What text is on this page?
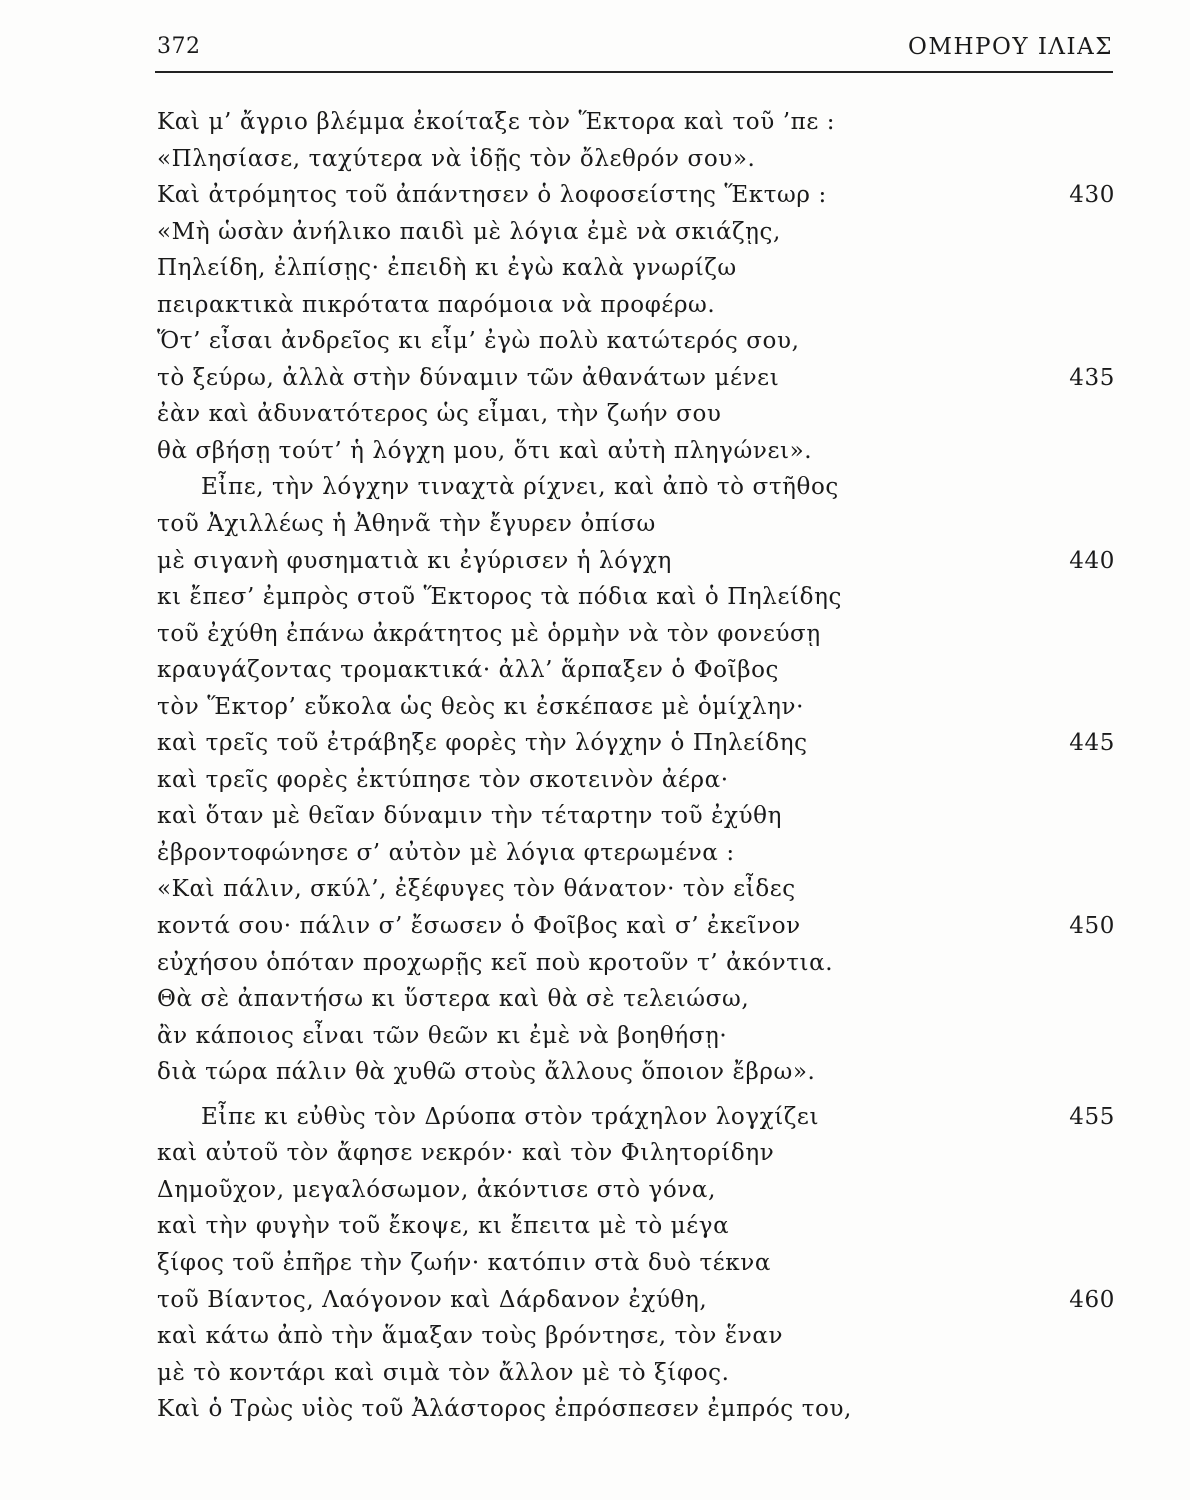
372	ΟΜΗΡΟΥ ΙΛΙΑΣ
Καὶ μ’ ἄγριο βλέμμα ἐκοίταξε τὸν Ἕκτορα καὶ τοῦ ’πε :
«Πλησίασε, ταχύτερα νὰ ἰδῇς τὸν ὄλεθρόν σου».
Καὶ ἀτρόμητος τοῦ ἀπάντησεν ὁ λοφοσείστης Ἕκτωρ :	430
«Μὴ ὡσὰν ἀνήλικο παιδὶ μὲ λόγια ἐμὲ νὰ σκιάζῃς,
Πηλείδη, ἐλπίσῃς· ἐπειδὴ κι ἐγὼ καλὰ γνωρίζω
πειρακτικὰ πικρότατα παρόμοια νὰ προφέρω.
Ὅτ’ εἶσαι ἀνδρεῖος κι εἶμ’ ἐγὼ πολὺ κατώτερός σου,
τὸ ξεύρω, ἀλλὰ στὴν δύναμιν τῶν ἀθανάτων μένει	435
ἐὰν καὶ ἀδυνατότερος ὡς εἶμαι, τὴν ζωήν σου
θὰ σβήσῃ τούτ’ ἡ λόγχη μου, ὅτι καὶ αὐτὴ πληγώνει».
Εἶπε, τὴν λόγχην τιναχτὰ ρίχνει, καὶ ἀπὸ τὸ στῆθος
τοῦ Ἀχιλλέως ἡ Ἀθηνᾶ τὴν ἔγυρεν ὀπίσω
μὲ σιγανὴ φυσηματιὰ κι ἐγύρισεν ἡ λόγχη	440
κι ἔπεσ’ ἐμπρὸς στοῦ Ἕκτορος τὰ πόδια καὶ ὁ Πηλείδης
τοῦ ἐχύθη ἐπάνω ἀκράτητος μὲ ὁρμὴν νὰ τὸν φονεύσῃ
κραυγάζοντας τρομακτικά· ἀλλ’ ἅρπαξεν ὁ Φοῖβος
τὸν Ἕκτορ’ εὔκολα ὡς θεὸς κι ἐσκέπασε μὲ ὁμίχλην·
καὶ τρεῖς τοῦ ἐτράβηξε φορὲς τὴν λόγχην ὁ Πηλείδης	445
καὶ τρεῖς φορὲς ἐκτύπησε τὸν σκοτεινὸν ἀέρα·
καὶ ὅταν μὲ θεῖαν δύναμιν τὴν τέταρτην τοῦ ἐχύθη
ἐβροντοφώνησε σ’ αὐτὸν μὲ λόγια φτερωμένα :
«Καὶ πάλιν, σκύλ’, ἐξέφυγες τὸν θάνατον· τὸν εἶδες
κοντά σου· πάλιν σ’ ἔσωσεν ὁ Φοῖβος καὶ σ’ ἐκεῖνον	450
εὐχήσου ὁπόταν προχωρῇς κεῖ ποὺ κροτοῦν τ’ ἀκόντια.
Θὰ σὲ ἀπαντήσω κι ὕστερα καὶ θὰ σὲ τελειώσω,
ἂν κάποιος εἶναι τῶν θεῶν κι ἐμὲ νὰ βοηθήσῃ·
διὰ τώρα πάλιν θὰ χυθῶ στοὺς ἄλλους ὅποιον ἔβρω».
Εἶπε κι εὐθὺς τὸν Δρύοπα στὸν τράχηλον λογχίζει	455
καὶ αὐτοῦ τὸν ἄφησε νεκρόν· καὶ τὸν Φιλητορίδην
Δημοῦχον, μεγαλόσωμον, ἀκόντισε στὸ γόνα,
καὶ τὴν φυγὴν τοῦ ἔκοψε, κι ἔπειτα μὲ τὸ μέγα
ξίφος τοῦ ἐπῆρε τὴν ζωήν· κατόπιν στὰ δυὸ τέκνα
τοῦ Βίαντος, Λαόγονον καὶ Δάρδανον ἐχύθη,	460
καὶ κάτω ἀπὸ τὴν ἅμαξαν τοὺς βρόντησε, τὸν ἕναν
μὲ τὸ κοντάρι καὶ σιμὰ τὸν ἄλλον μὲ τὸ ξίφος.
Καὶ ὁ Τρὼς υἱὸς τοῦ Ἀλάστορος ἐπρόσπεσεν ἐμπρός του,
